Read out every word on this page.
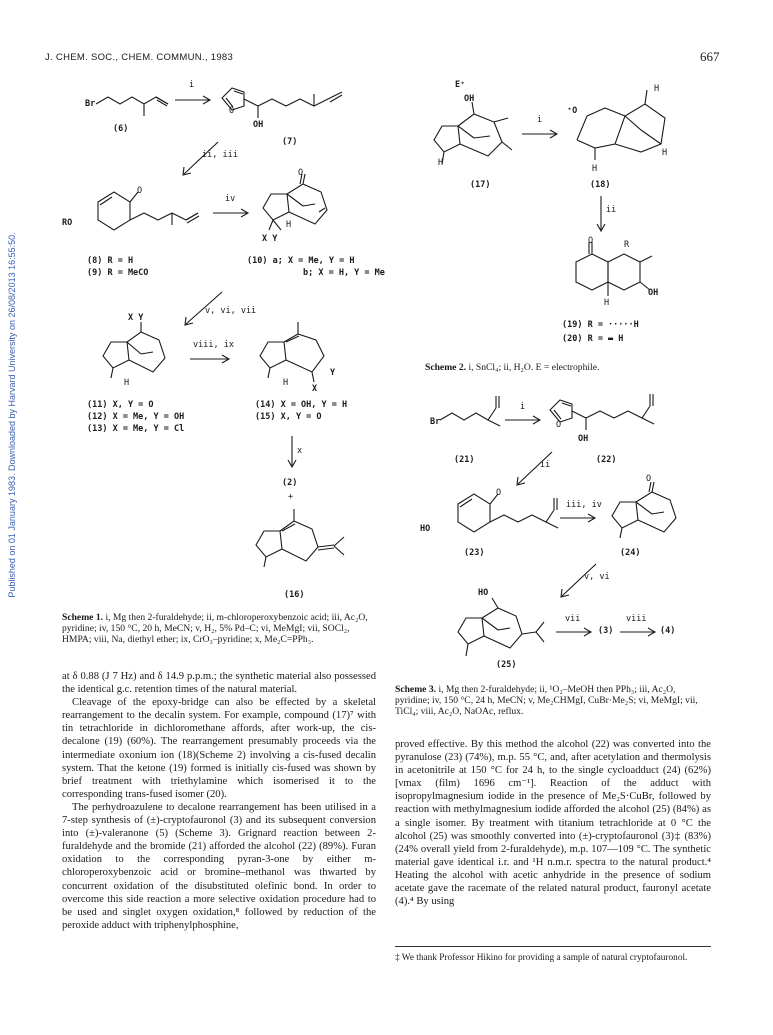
Published on 01 January 1983. Downloaded by Harvard University on 26/08/2013 16:55:50.
J. CHEM. SOC., CHEM. COMMUN., 1983	667
Br
(6)
i
O
OH
(7)
ii, iii
O
RO
(8) R = H
(9) R = MeCO
iv
O
X Y
H
(10) a; X = Me, Y = H
b; X = H, Y = Me
v, vi, vii
X Y
H
(11) X, Y = O
(12) X = Me, Y = OH
(13) X = Me, Y = Cl
viii, ix
Y
X
H
(14) X = OH, Y = H
(15) X, Y = O
x
(2)
+
(16)
Scheme 1. i, Mg then 2-furaldehyde; ii, m-chloroperoxybenzoic acid; iii, Ac₂O, pyridine; iv, 150 °C, 20 h, MeCN; v, H₂, 5% Pd–C; vi, MeMgI; vii, SOCl₂, HMPA; viii, Na, diethyl ether; ix, CrO₃–pyridine; x, Me₂C=PPh₃.

at δ 0.88 (J 7 Hz) and δ 14.9 p.p.m.; the synthetic material also possessed the identical g.c. retention times of the natural material.

Cleavage of the epoxy-bridge can also be effected by a skeletal rearrangement to the decalin system. For example, compound (17)⁷ with tin tetrachloride in dichloromethane affords, after work-up, the cis-decalone (19) (60%). The rearrangement presumably proceeds via the intermediate oxonium ion (18)(Scheme 2) involving a cis-fused decalin system. That the ketone (19) formed is initially cis-fused was shown by brief treatment with triethylamine which isomerised it to the corresponding trans-fused isomer (20).

The perhydroazulene to decalone rearrangement has been utilised in a 7-step synthesis of (±)-cryptofauronol (3) and its subsequent conversion into (±)-valeranone (5) (Scheme 3). Grignard reaction between 2-furaldehyde and the bromide (21) afforded the alcohol (22) (89%). Furan oxidation to the corresponding pyran-3-one by either m-chloroperoxybenzoic acid or bromine–methanol was thwarted by concurrent oxidation of the disubstituted olefinic bond. In order to overcome this side reaction a more selective oxidation procedure had to be used and singlet oxygen oxidation,⁸ followed by reduction of the peroxide adduct with triphenylphosphine,

E⁺
OH
H
(17)
i
⁺O
H
H
H
(18)
ii
O	R
OH
H
(19) R = ·····H
(20) R = ▬ H
Scheme 2. i, SnCl₄; ii, H₂O. E = electrophile.
Br
(21)
i
O
OH
(22)
ii
O
HO
(23)
iii, iv
O
(24)
v, vi
HO
(25)
vii
(3)
viii
(4)
Scheme 3. i, Mg then 2-furaldehyde; ii, ¹O₂–MeOH then PPh₃; iii, Ac₂O, pyridine; iv, 150 °C, 24 h, MeCN; v, Me₂CHMgI, CuBr·Me₂S; vi, MeMgI; vii, TiCl₄; viii, Ac₂O, NaOAc, reflux.

proved effective. By this method the alcohol (22) was converted into the pyranulose (23) (74%), m.p. 55 °C, and, after acetylation and thermolysis in acetonitrile at 150 °C for 24 h, to the single cycloadduct (24) (62%) [νmax (film) 1696 cm⁻¹]. Reaction of the adduct with isopropylmagnesium iodide in the presence of Me₂S·CuBr, followed by reaction with methylmagnesium iodide afforded the alcohol (25) (84%) as a single isomer. By treatment with titanium tetrachloride at 0 °C the alcohol (25) was smoothly converted into (±)-cryptofauronol (3)‡ (83%) (24% overall yield from 2-furaldehyde), m.p. 107—109 °C. The synthetic material gave identical i.r. and ¹H n.m.r. spectra to the natural product.⁴ Heating the alcohol with acetic anhydride in the presence of sodium acetate gave the racemate of the related natural product, fauronyl acetate (4).⁴ By using

‡ We thank Professor Hikino for providing a sample of natural cryptofauronol.
